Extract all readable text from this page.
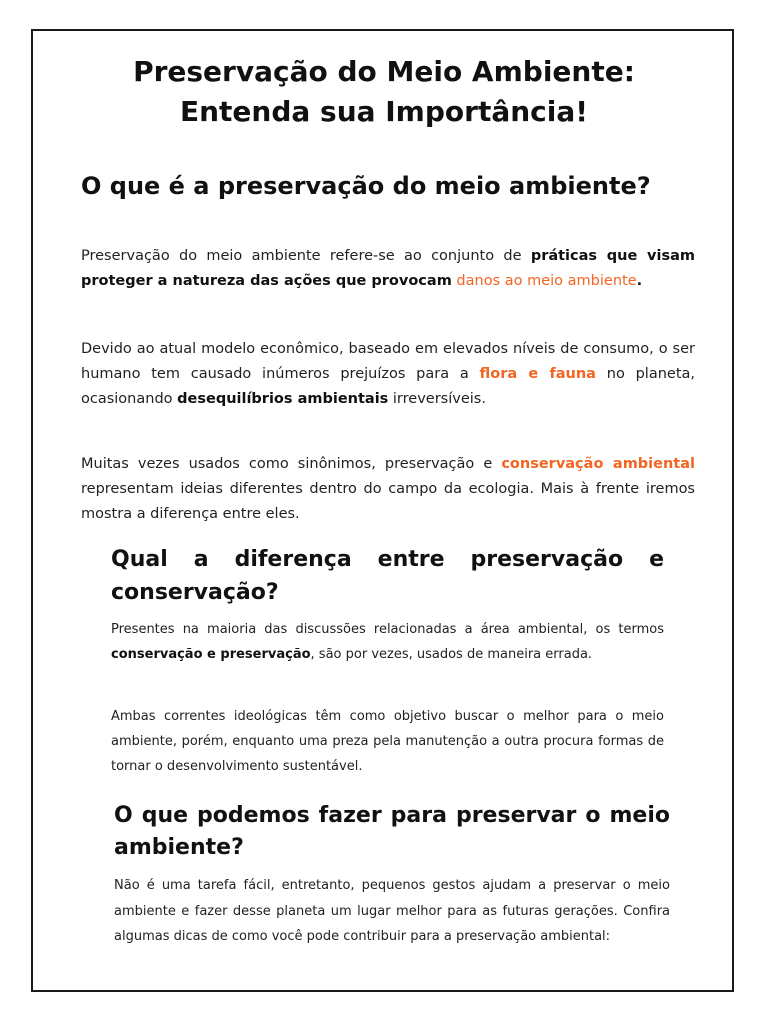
Preservação do Meio Ambiente:
Entenda sua Importância!
O que é a preservação do meio ambiente?

Preservação do meio ambiente refere-se ao conjunto de práticas que visam proteger a natureza das ações que provocam danos ao meio ambiente.

Devido ao atual modelo econômico, baseado em elevados níveis de consumo, o ser humano tem causado inúmeros prejuízos para a flora e fauna no planeta, ocasionando desequilíbrios ambientais irreversíveis.

Muitas vezes usados como sinônimos, preservação e conservação ambiental representam ideias diferentes dentro do campo da ecologia. Mais à frente iremos mostra a diferença entre eles.

Qual a diferença entre preservação e conservação?

Presentes na maioria das discussões relacionadas a área ambiental, os termos conservação e preservação, são por vezes, usados de maneira errada.

Ambas correntes ideológicas têm como objetivo buscar o melhor para o meio ambiente, porém, enquanto uma preza pela manutenção a outra procura formas de tornar o desenvolvimento sustentável.

O que podemos fazer para preservar o meio ambiente?

Não é uma tarefa fácil, entretanto, pequenos gestos ajudam a preservar o meio ambiente e fazer desse planeta um lugar melhor para as futuras gerações. Confira algumas dicas de como você pode contribuir para a preservação ambiental:
